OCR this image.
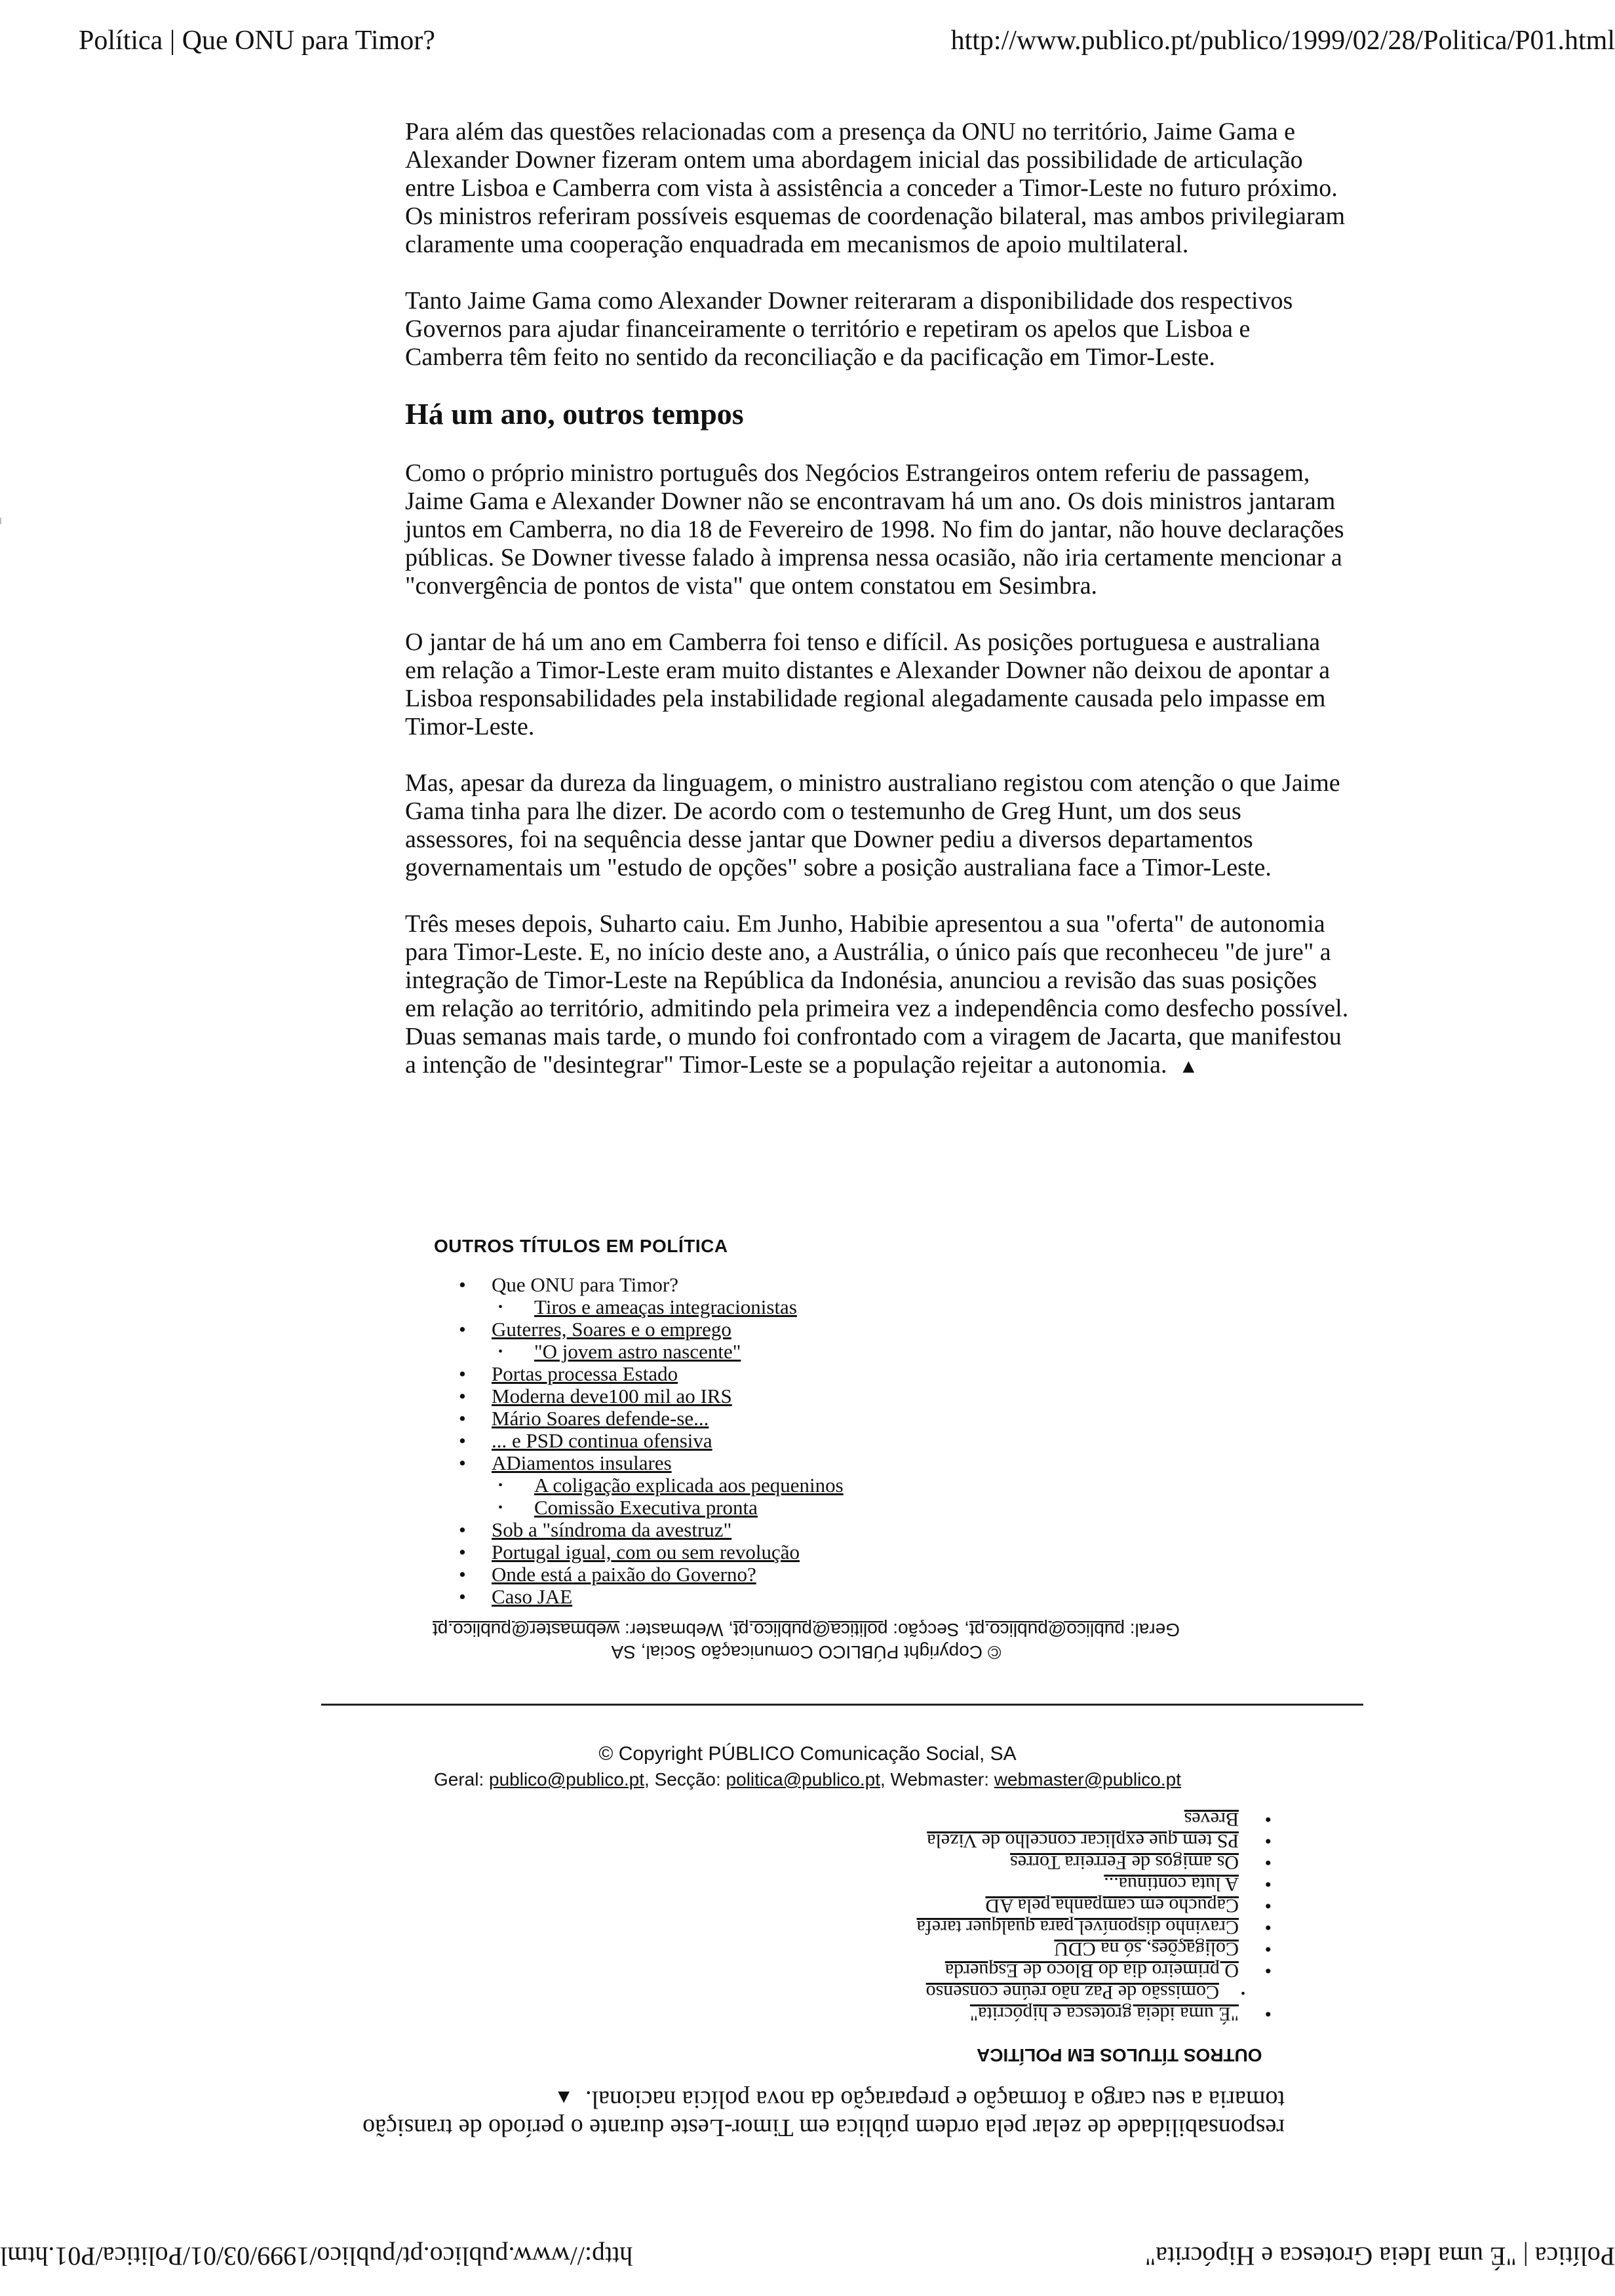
Política | Que ONU para Timor?	http://www.publico.pt/publico/1999/02/28/Politica/P01.html

Para além das questões relacionadas com a presença da ONU no território, Jaime Gama e Alexander Downer fizeram ontem uma abordagem inicial das possibilidade de articulação entre Lisboa e Camberra com vista à assistência a conceder a Timor-Leste no futuro próximo. Os ministros referiram possíveis esquemas de coordenação bilateral, mas ambos privilegiaram claramente uma cooperação enquadrada em mecanismos de apoio multilateral.

Tanto Jaime Gama como Alexander Downer reiteraram a disponibilidade dos respectivos Governos para ajudar financeiramente o território e repetiram os apelos que Lisboa e Camberra têm feito no sentido da reconciliação e da pacificação em Timor-Leste.

Há um ano, outros tempos

Como o próprio ministro português dos Negócios Estrangeiros ontem referiu de passagem, Jaime Gama e Alexander Downer não se encontravam há um ano. Os dois ministros jantaram juntos em Camberra, no dia 18 de Fevereiro de 1998. No fim do jantar, não houve declarações públicas. Se Downer tivesse falado à imprensa nessa ocasião, não iria certamente mencionar a "convergência de pontos de vista" que ontem constatou em Sesimbra.

O jantar de há um ano em Camberra foi tenso e difícil. As posições portuguesa e australiana em relação a Timor-Leste eram muito distantes e Alexander Downer não deixou de apontar a Lisboa responsabilidades pela instabilidade regional alegadamente causada pelo impasse em Timor-Leste.

Mas, apesar da dureza da linguagem, o ministro australiano registou com atenção o que Jaime Gama tinha para lhe dizer. De acordo com o testemunho de Greg Hunt, um dos seus assessores, foi na sequência desse jantar que Downer pediu a diversos departamentos governamentais um "estudo de opções" sobre a posição australiana face a Timor-Leste.

Três meses depois, Suharto caiu. Em Junho, Habibie apresentou a sua "oferta" de autonomia para Timor-Leste. E, no início deste ano, a Austrália, o único país que reconheceu "de jure" a integração de Timor-Leste na República da Indonésia, anunciou a revisão das suas posições em relação ao território, admitindo pela primeira vez a independência como desfecho possível. Duas semanas mais tarde, o mundo foi confrontado com a viragem de Jacarta, que manifestou a intenção de "desintegrar" Timor-Leste se a população rejeitar a autonomia. ▲

OUTROS TÍTULOS EM POLÍTICA
• Que ONU para Timor?
• Tiros e ameaças integracionistas
• Guterres, Soares e o emprego
• "O jovem astro nascente"
• Portas processa Estado
• Moderna deve100 mil ao IRS
• Mário Soares defende-se...
• ... e PSD continua ofensiva
• ADiamentos insulares
• A coligação explicada aos pequeninos
• Comissão Executiva pronta
• Sob a "síndroma da avestruz"
• Portugal igual, com ou sem revolução
• Onde está a paixão do Governo?
• Caso JAE
© Copyright PÚBLICO Comunicação Social, SA
Geral: publico@publico.pt, Secção: politica@publico.pt, Webmaster: webmaster@publico.pt
© Copyright PÚBLICO Comunicação Social, SA
Geral: publico@publico.pt, Secção: politica@publico.pt, Webmaster: webmaster@publico.pt
• "É uma ideia grotesca e hipócrita"
• Comissão de Paz não reúne consenso
• O primeiro dia do Bloco de Esquerda
• Coligações, só na CDU
• Cravinho disponível para qualquer tarefa
• Capucho em campanha pela AD
• A luta continua...
• Os amigos de Ferreira Torres
• PS tem que explicar concelho de Vizela
• Breves
OUTROS TÍTULOS EM POLÍTICA
responsabilidade de zelar pela ordem pública em Timor-Leste durante o período de transição tomaria a seu cargo a formação e preparação da nova polícia nacional.▲
Política | "É uma Ideia Grotesca e Hipócrita"
http://www.publico.pt/publico/1999/03/01/Politica/P01.html
